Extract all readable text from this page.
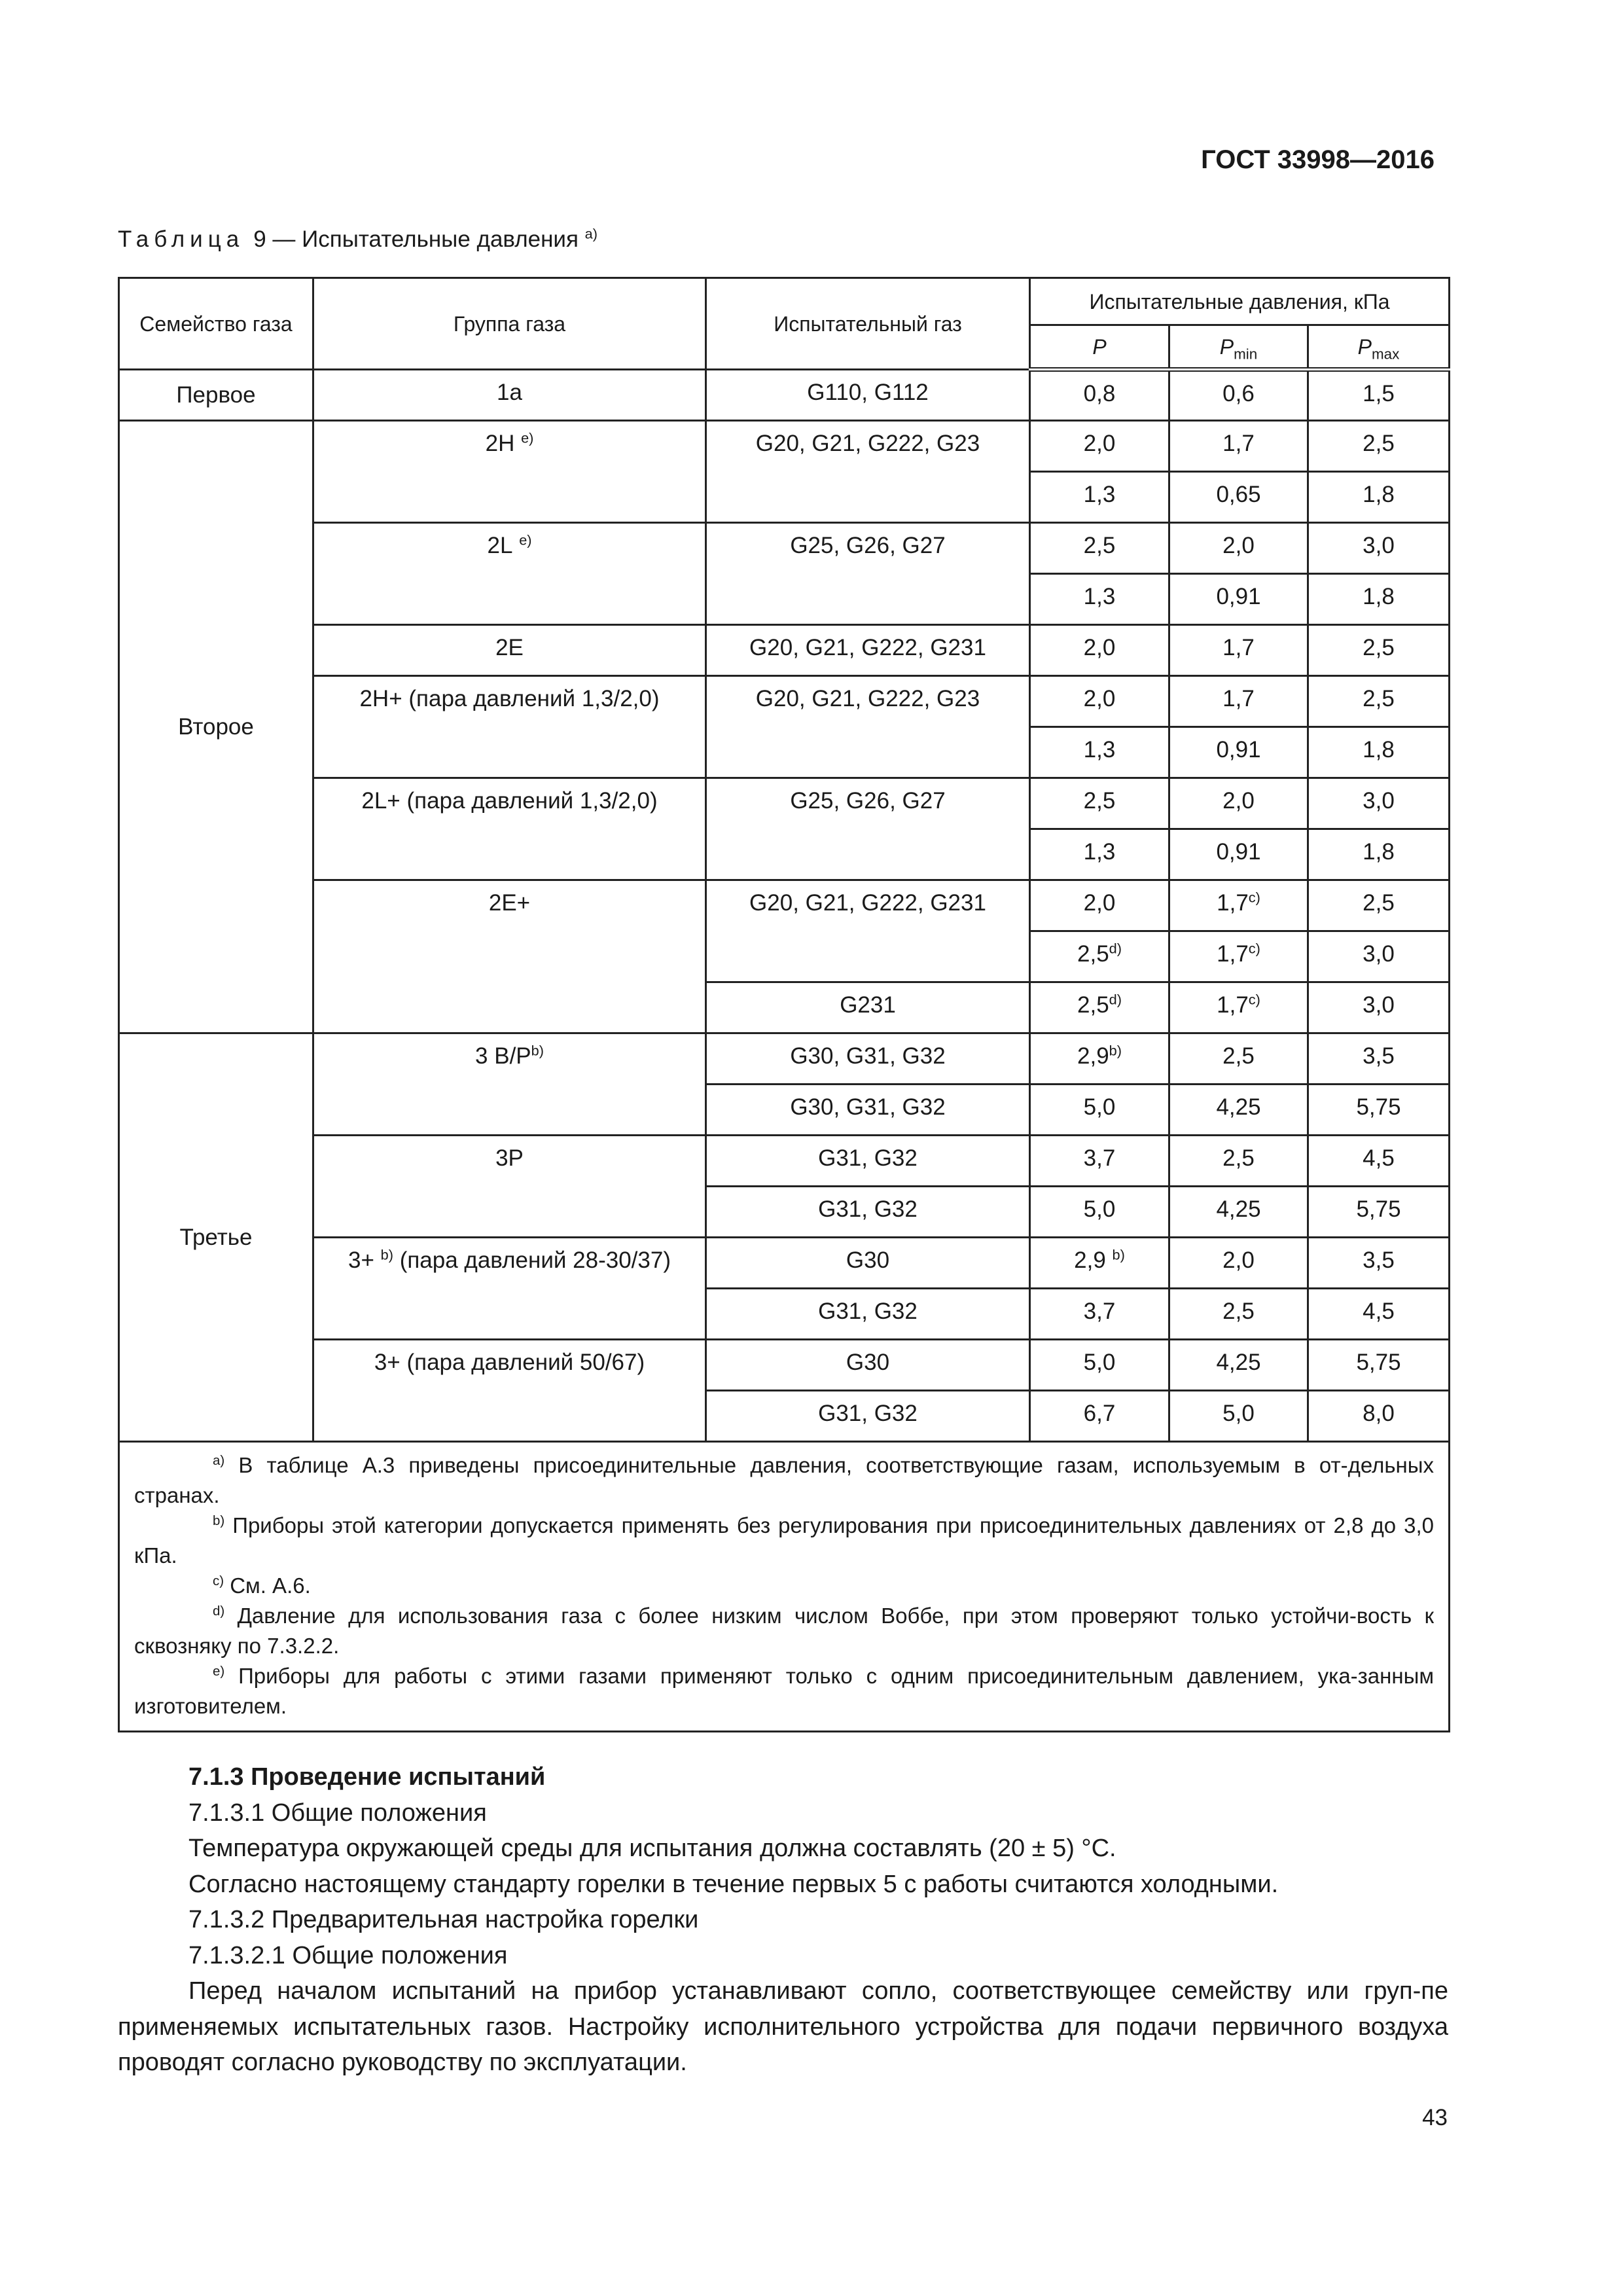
ГОСТ 33998—2016
Таблица 9 — Испытательные давления $^{a)}$
Семейство газа	Группа газа	Испытательный газ	Испытательные давления, кПа		
			P	$P_{min}$	$P_{max}$
Первое	1a	G110, G112	0,8	0,6	1,5
Второе	2H $^{e)}$	G20, G21, G222, G23	2,0	1,7	2,5
			1,3	0,65	1,8
	2L $^{e)}$	G25, G26, G27	2,5	2,0	3,0
			1,3	0,91	1,8
	2E	G20, G21, G222, G231	2,0	1,7	2,5
	2H+ (пара давлений 1,3/2,0)	G20, G21, G222, G23	2,0	1,7	2,5
			1,3	0,91	1,8
	2L+ (пара давлений 1,3/2,0)	G25, G26, G27	2,5	2,0	3,0
			1,3	0,91	1,8
	2E+	G20, G21, G222, G231	2,0	1,7$^{c)}$	2,5
			2,5$^{d)}$	1,7$^{c)}$	3,0
		G231	2,5$^{d)}$	1,7$^{c)}$	3,0
Третье	3 $B/P^{b)}$	G30, G31, G32	2,9$^{b)}$	2,5	3,5
		G30, G31, G32	5,0	4,25	5,75
	3P	G31, G32	3,7	2,5	4,5
		G31, G32	5,0	4,25	5,75
	3+ $^{b)}$ (пара давлений 28-30/37)	G30	2,9 $^{b)}$	2,0	3,5
		G31, G32	3,7	2,5	4,5
	3+ (пара давлений 50/67)	G30	5,0	4,25	5,75
		G31, G32	6,7	5,0	8,0

$^{a)}$ В таблице А.3 приведены присоединительные давления, соответствующие газам, используемым в от-дельных странах.
$^{b)}$ Приборы этой категории допускается применять без регулирования при присоединительных давлениях от 2,8 до 3,0 кПа.
$^{c)}$ См. А.6.
$^{d)}$ Давление для использования газа с более низким числом Воббе, при этом проверяют только устойчи-вость к сквозняку по 7.3.2.2.
$^{e)}$ Приборы для работы с этими газами применяют только с одним присоединительным давлением, ука-занным изготовителем.					

7.1.3 Проведение испытаний

7.1.3.1 Общие положения

Температура окружающей среды для испытания должна составлять (20 ± 5) °С.

Согласно настоящему стандарту горелки в течение первых 5 с работы считаются холодными.

7.1.3.2 Предварительная настройка горелки

7.1.3.2.1 Общие положения

Перед началом испытаний на прибор устанавливают сопло, соответствующее семейству или груп-пе применяемых испытательных газов. Настройку исполнительного устройства для подачи первичного воздуха проводят согласно руководству по эксплуатации.

43
